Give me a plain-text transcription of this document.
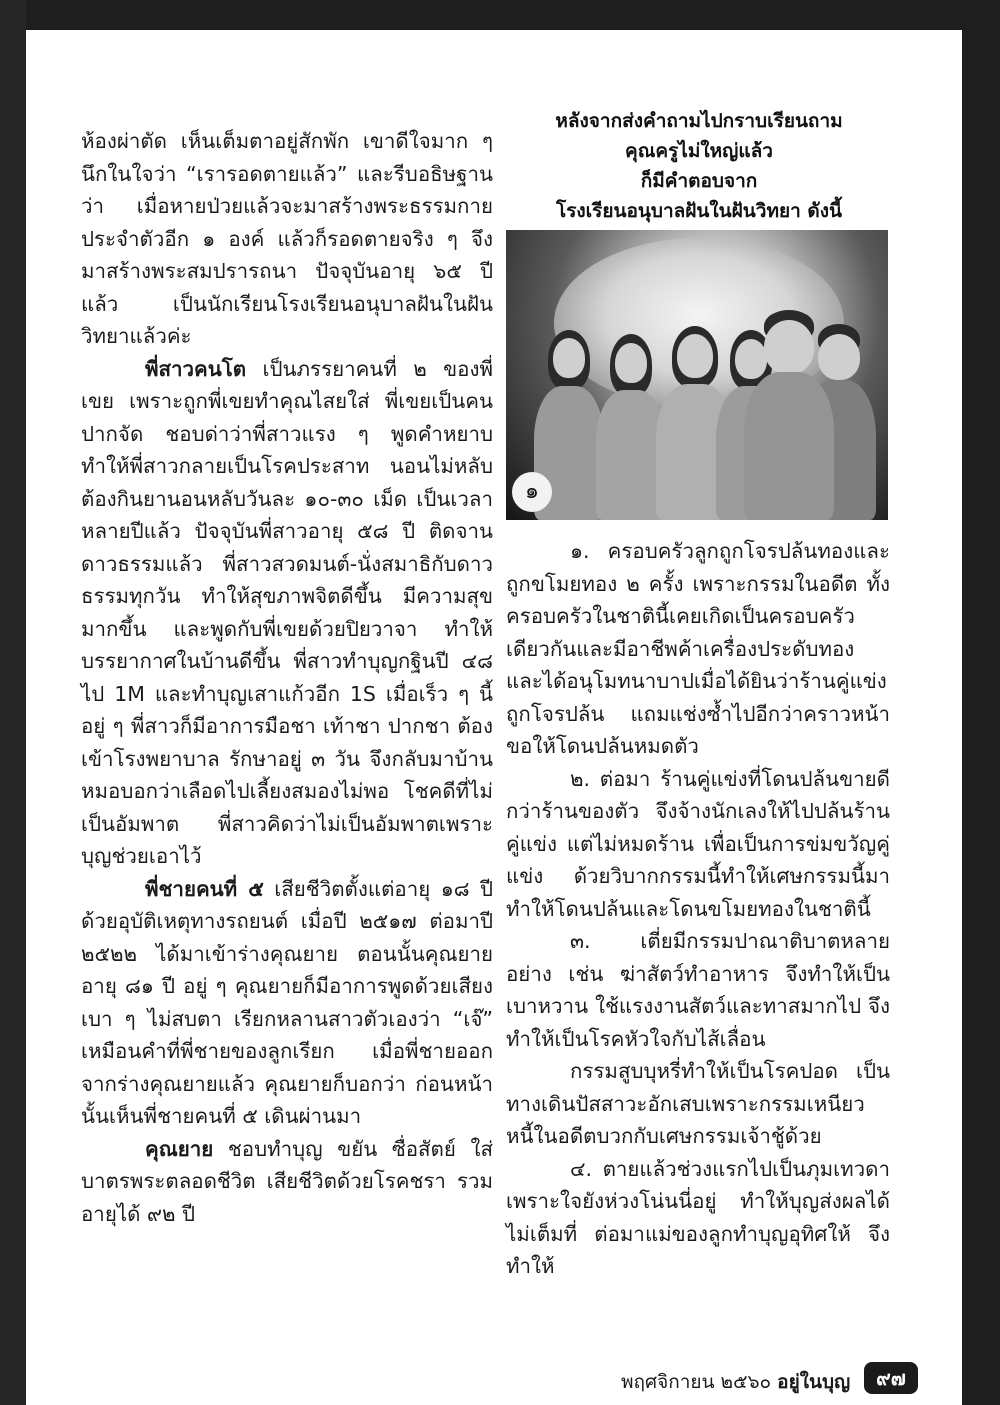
ห้องผ่าตัด เห็นเต็มตาอยู่สักพัก เขาดีใจมาก ๆ นึกในใจว่า “เรารอดตายแล้ว” และรีบอธิษฐานว่า เมื่อหายป่วยแล้วจะมาสร้างพระธรรมกายประจำตัวอีก ๑ องค์ แล้วก็รอดตายจริง ๆ จึงมาสร้างพระสมปรารถนา ปัจจุบันอายุ ๖๕ ปีแล้ว เป็นนักเรียนโรงเรียนอนุบาลฝันในฝันวิทยาแล้วค่ะ

พี่สาวคนโต เป็นภรรยาคนที่ ๒ ของพี่เขย เพราะถูกพี่เขยทำคุณไสยใส่ พี่เขยเป็นคนปากจัด ชอบด่าว่าพี่สาวแรง ๆ พูดคำหยาบ ทำให้พี่สาวกลายเป็นโรคประสาท นอนไม่หลับ ต้องกินยานอนหลับวันละ ๑๐-๓๐ เม็ด เป็นเวลาหลายปีแล้ว ปัจจุบันพี่สาวอายุ ๕๘ ปี ติดจานดาวธรรมแล้ว พี่สาวสวดมนต์-นั่งสมาธิกับดาวธรรมทุกวัน ทำให้สุขภาพจิตดีขึ้น มีความสุขมากขึ้น และพูดกับพี่เขยด้วยปิยวาจา ทำให้บรรยากาศในบ้านดีขึ้น พี่สาวทำบุญกฐินปี ๔๘ ไป 1M และทำบุญเสาแก้วอีก 1S เมื่อเร็ว ๆ นี้ อยู่ ๆ พี่สาวก็มีอาการมือชา เท้าชา ปากชา ต้องเข้าโรงพยาบาล รักษาอยู่ ๓ วัน จึงกลับมาบ้าน หมอบอกว่าเลือดไปเลี้ยงสมองไม่พอ โชคดีที่ไม่เป็นอัมพาต พี่สาวคิดว่าไม่เป็นอัมพาตเพราะบุญช่วยเอาไว้

พี่ชายคนที่ ๕ เสียชีวิตตั้งแต่อายุ ๑๘ ปี ด้วยอุบัติเหตุทางรถยนต์ เมื่อปี ๒๕๑๗ ต่อมาปี ๒๕๒๒ ได้มาเข้าร่างคุณยาย ตอนนั้นคุณยายอายุ ๘๑ ปี อยู่ ๆ คุณยายก็มีอาการพูดด้วยเสียงเบา ๆ ไม่สบตา เรียกหลานสาวตัวเองว่า “เจ๊” เหมือนคำที่พี่ชายของลูกเรียก เมื่อพี่ชายออกจากร่างคุณยายแล้ว คุณยายก็บอกว่า ก่อนหน้านั้นเห็นพี่ชายคนที่ ๕ เดินผ่านมา

คุณยาย ชอบทำบุญ ขยัน ซื่อสัตย์ ใส่บาตรพระตลอดชีวิต เสียชีวิตด้วยโรคชรา รวมอายุได้ ๙๒ ปี

หลังจากส่งคำถามไปกราบเรียนถาม
คุณครูไม่ใหญ่แล้ว
ก็มีคำตอบจาก
โรงเรียนอนุบาลฝันในฝันวิทยา ดังนี้
๑

๑. ครอบครัวลูกถูกโจรปล้นทองและถูกขโมยทอง ๒ ครั้ง เพราะกรรมในอดีต ทั้งครอบครัวในชาตินี้เคยเกิดเป็นครอบครัวเดียวกันและมีอาชีพค้าเครื่องประดับทอง และได้อนุโมทนาบาปเมื่อได้ยินว่าร้านคู่แข่งถูกโจรปล้น แถมแช่งซ้ำไปอีกว่าคราวหน้าขอให้โดนปล้นหมดตัว

๒. ต่อมา ร้านคู่แข่งที่โดนปล้นขายดีกว่าร้านของตัว จึงจ้างนักเลงให้ไปปล้นร้านคู่แข่ง แต่ไม่หมดร้าน เพื่อเป็นการข่มขวัญคู่แข่ง ด้วยวิบากกรรมนี้ทำให้เศษกรรมนี้มาทำให้โดนปล้นและโดนขโมยทองในชาตินี้

๓. เตี่ยมีกรรมปาณาติบาตหลายอย่าง เช่น ฆ่าสัตว์ทำอาหาร จึงทำให้เป็นเบาหวาน ใช้แรงงานสัตว์และทาสมากไป จึงทำให้เป็นโรคหัวใจกับไส้เลื่อน

กรรมสูบบุหรี่ทำให้เป็นโรคปอด เป็นทางเดินปัสสาวะอักเสบเพราะกรรมเหนียวหนี้ในอดีตบวกกับเศษกรรมเจ้าชู้ด้วย

๔. ตายแล้วช่วงแรกไปเป็นภุมเทวดา เพราะใจยังห่วงโน่นนี่อยู่ ทำให้บุญส่งผลได้ไม่เต็มที่ ต่อมาแม่ของลูกทำบุญอุทิศให้ จึงทำให้

พฤศจิกายน ๒๕๖๐ อยู่ในบุญ	๙๗
